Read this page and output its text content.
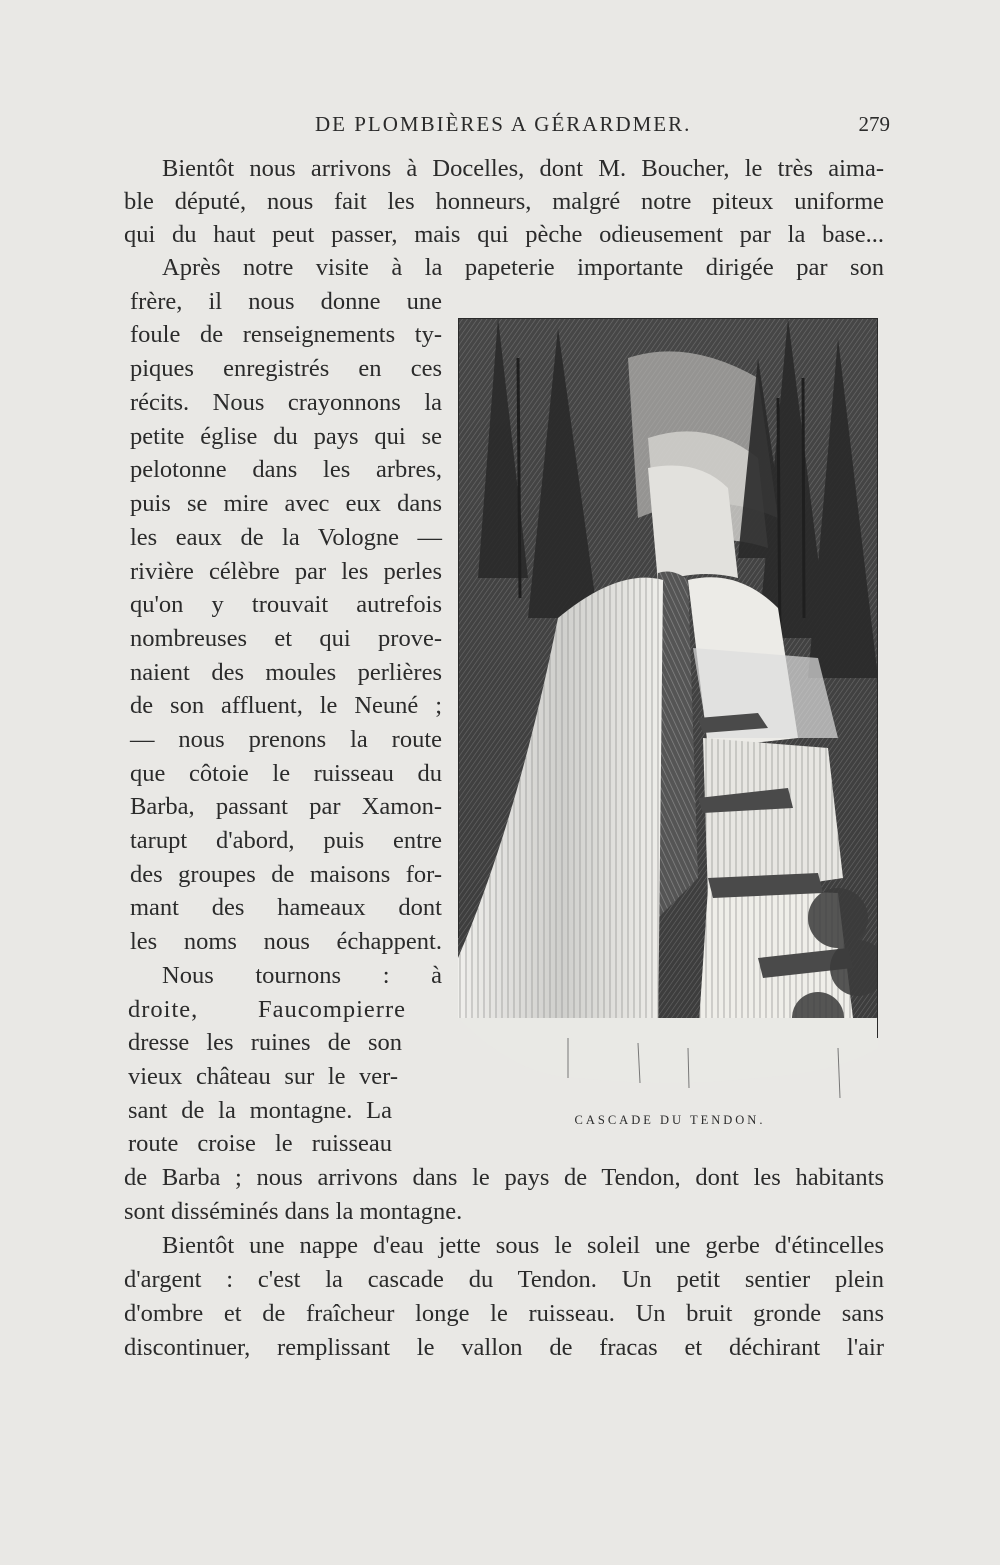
DE PLOMBIÈRES A GÉRARDMER.	279
Bientôt nous arrivons à Docelles, dont M. Boucher, le très aima-
ble député, nous fait les honneurs, malgré notre piteux uniforme
qui du haut peut passer, mais qui pèche odieusement par la base...
Après notre visite à la papeterie importante dirigée par son
frère, il nous donne une
foule de renseignements ty-
piques enregistrés en ces
récits. Nous crayonnons la
petite église du pays qui se
pelotonne dans les arbres,
puis se mire avec eux dans
les eaux de la Vologne —
rivière célèbre par les perles
qu'on y trouvait autrefois
nombreuses et qui prove-
naient des moules perlières
de son affluent, le Neuné ;
— nous prenons la route
que côtoie le ruisseau du
Barba, passant par Xamon-
tarupt d'abord, puis entre
des groupes de maisons for-
mant des hameaux dont
les noms nous échappent.
Nous tournons : à
droite, Faucompierre
dresse les ruines de son
vieux château sur le ver-
sant de la montagne. La
route croise le ruisseau
de Barba ; nous arrivons dans le pays de Tendon, dont les habitants
sont disséminés dans la montagne.
Bientôt une nappe d'eau jette sous le soleil une gerbe d'étincelles
d'argent : c'est la cascade du Tendon. Un petit sentier plein
d'ombre et de fraîcheur longe le ruisseau. Un bruit gronde sans
discontinuer, remplissant le vallon de fracas et déchirant l'air
CASCADE DU TENDON.
